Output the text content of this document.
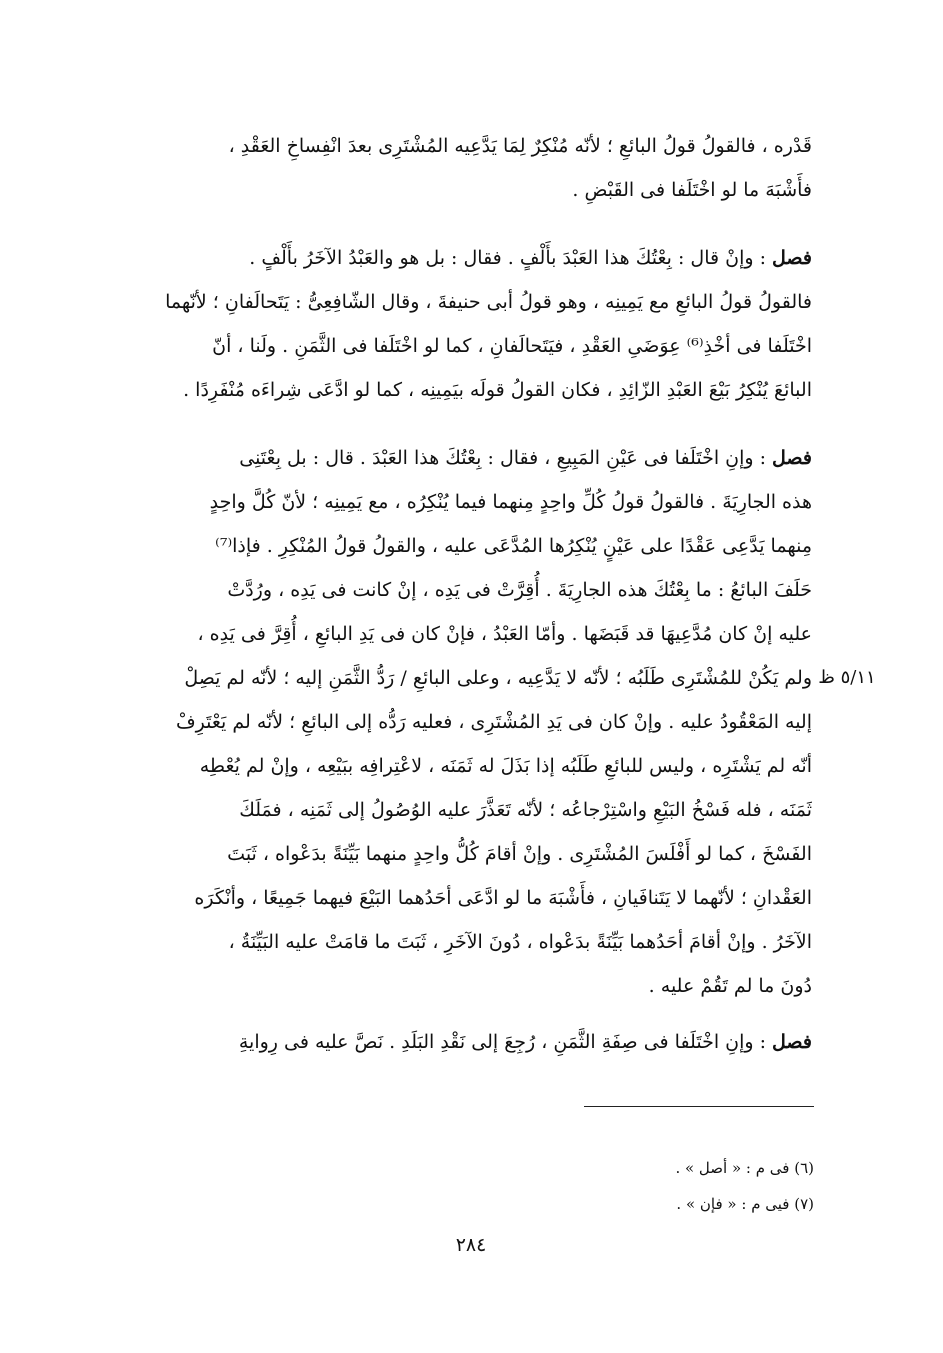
قَدْره ، فالقولُ قولُ البائعِ ؛ لأنّه مُنْكِرٌ لِمَا يَدَّعِيه المُشْتَرِى بعدَ انْفِساخِ العَقْدِ ،
فأَشْبَهَ ما لو اخْتَلَفا فى القَبْضِ .
فصل : وإنْ قال : بِعْتُكَ هذا العَبْدَ بأَلْفٍ . فقال : بل هو والعَبْدُ الآخَرُ بأَلْفٍ .
فالقولُ قولُ البائعِ مع يَمِينِه ، وهو قولُ أبى حنيفةَ ، وقال الشّافِعِىُّ : يَتَحالَفانِ ؛ لأنّهما
اخْتَلَفا فى أخْذِ⁽⁶⁾ عِوَضَىِ العَقْدِ ، فيَتَحالَفانِ ، كما لو اخْتَلَفا فى الثَّمَنِ . ولَنا ، أنّ
البائعَ يُنْكِرُ بَيْعَ العَبْدِ الزّائِدِ ، فكان القولُ قولَه بيَمِينِه ، كما لو ادَّعَى شِراءَه مُنْفَرِدًا .
فصل : وإنِ اخْتَلَفا فى عَيْنِ المَبِيعِ ، فقال : بِعْتُكَ هذا العَبْدَ . قال : بل بِعْتَنِى
هذه الجارِيَةَ . فالقولُ قولُ كُلِّ واحِدٍ مِنهما فيما يُنْكِرُه ، مع يَمِينِه ؛ لأنّ كُلَّ واحِدٍ
مِنهما يَدَّعِى عَقْدًا على عَيْنٍ يُنْكِرُها المُدَّعَى عليه ، والقولُ قولُ المُنْكِرِ . فإذا⁽⁷⁾
حَلَفَ البائعُ : ما بِعْتُكَ هذه الجارِيَةَ . أُقِرَّتْ فى يَدِه ، إنْ كانت فى يَدِه ، ورُدَّتْ
عليه إنْ كان مُدَّعِيهَا قد قَبَضَها . وأمّا العَبْدُ ، فإنْ كان فى يَدِ البائعِ ، أُقِرَّ فى يَدِه ،
ولم يَكُنْ للمُشْتَرِى طَلَبُه ؛ لأنّه لا يَدَّعِيه ، وعلى البائعِ / رَدُّ الثَّمَنِ إليه ؛ لأنّه لم يَصِلْ
إليه المَعْقُودُ عليه . وإنْ كان فى يَدِ المُشْتَرِى ، فعليه رَدُّه إلى البائعِ ؛ لأنّه لم يَعْتَرِفْ
أنّه لم يَشْتَرِه ، وليس للبائعِ طَلَبُه إذا بَذَلَ له ثَمَنَه ، لاعْتِرافِه ببَيْعِه ، وإنْ لم يُعْطِه
ثَمَنَه ، فله فَسْخُ البَيْعِ واسْتِرْجاعُه ؛ لأنّه تَعَذَّرَ عليه الوُصُولُ إلى ثَمَنِه ، فمَلَكَ
الفَسْخَ ، كما لو أَفْلَسَ المُشْتَرِى . وإنْ أقامَ كُلُّ واحِدٍ منهما بَيِّنَةً بدَعْواه ، ثَبَتَ
العَقْدانِ ؛ لأنّهما لا يَتَنافَيانِ ، فأَشْبَهَ ما لو ادَّعَى أحَدُهما البَيْعَ فيهما جَمِيعًا ، وأنْكَرَه
الآخَرُ . وإنْ أقامَ أحَدُهما بَيِّنَةً بدَعْواه ، دُونَ الآخَرِ ، ثَبَتَ ما قامَتْ عليه البَيِّنَةُ ،
دُونَ ما لم تَقُمْ عليه .
فصل : وإنِ اخْتَلَفا فى صِفَةِ الثَّمَنِ ، رُجِعَ إلى نَقْدِ البَلَدِ . نَصَّ عليه فى رِوايةِ
٥/١١ ظ
(٦) فى م : « أصل » .
(٧) فيى م : « فإن » .
٢٨٤
